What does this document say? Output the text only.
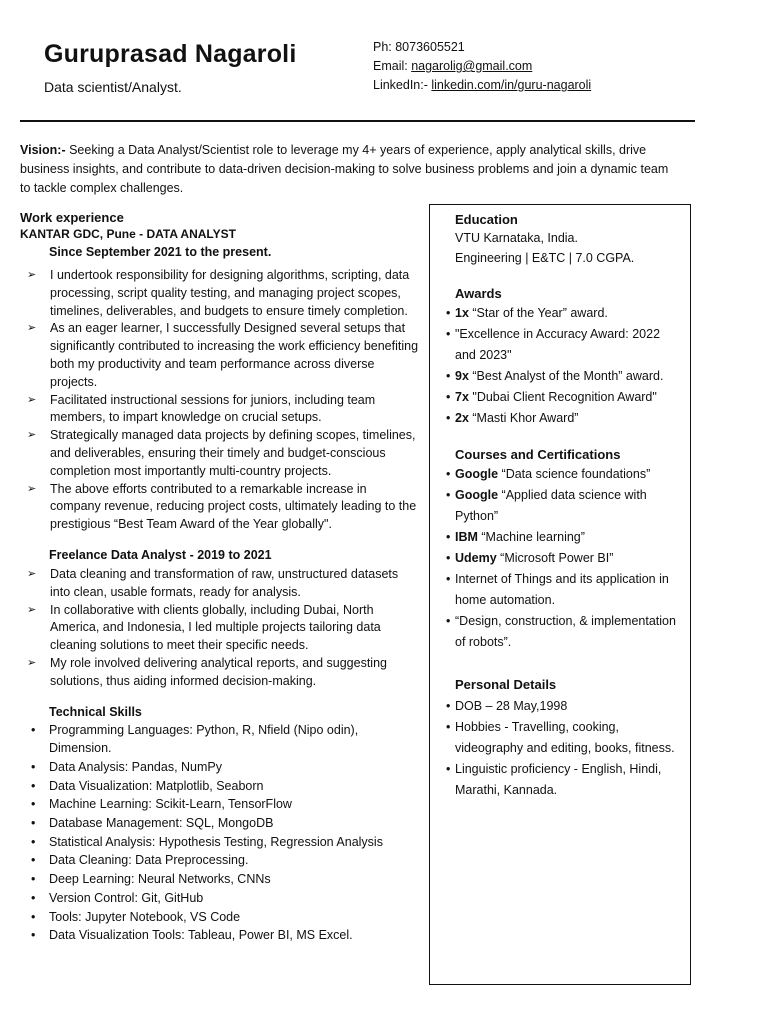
Guruprasad Nagaroli
Data scientist/Analyst.
Ph: 8073605521
Email: nagarolig@gmail.com
LinkedIn:- linkedin.com/in/guru-nagaroli
Vision:- Seeking a Data Analyst/Scientist role to leverage my 4+ years of experience, apply analytical skills, drive business insights, and contribute to data-driven decision-making to solve business problems and join a dynamic team to tackle complex challenges.
Work experience
KANTAR GDC, Pune - DATA ANALYST
Since September 2021 to the present.
➢ I undertook responsibility for designing algorithms, scripting, data processing, script quality testing, and managing project scopes, timelines, deliverables, and budgets to ensure timely completion.
➢ As an eager learner, I successfully Designed several setups that significantly contributed to increasing the work efficiency benefiting both my productivity and team performance across diverse projects.
➢ Facilitated instructional sessions for juniors, including team members, to impart knowledge on crucial setups.
➢ Strategically managed data projects by defining scopes, timelines, and deliverables, ensuring their timely and budget-conscious completion most importantly multi-country projects.
➢ The above efforts contributed to a remarkable increase in company revenue, reducing project costs, ultimately leading to the prestigious “Best Team Award of the Year globally".
Freelance Data Analyst - 2019 to 2021
➢ Data cleaning and transformation of raw, unstructured datasets into clean, usable formats, ready for analysis.
➢ In collaborative with clients globally, including Dubai, North America, and Indonesia, I led multiple projects tailoring data cleaning solutions to meet their specific needs.
➢ My role involved delivering analytical reports, and suggesting solutions, thus aiding informed decision-making.
Technical Skills
• Programming Languages: Python, R, Nfield (Nipo odin), Dimension.
• Data Analysis: Pandas, NumPy
• Data Visualization: Matplotlib, Seaborn
• Machine Learning: Scikit-Learn, TensorFlow
• Database Management: SQL, MongoDB
• Statistical Analysis: Hypothesis Testing, Regression Analysis
• Data Cleaning: Data Preprocessing.
• Deep Learning: Neural Networks, CNNs
• Version Control: Git, GitHub
• Tools: Jupyter Notebook, VS Code
• Data Visualization Tools: Tableau, Power BI, MS Excel.
Education
VTU Karnataka, India.
Engineering | E&TC | 7.0 CGPA.
Awards
• 1x “Star of the Year” award.
• "Excellence in Accuracy Award: 2022 and 2023"
• 9x “Best Analyst of the Month” award.
• 7x "Dubai Client Recognition Award"
• 2x “Masti Khor Award”
Courses and Certifications
• Google “Data science foundations”
• Google “Applied data science with Python”
• IBM “Machine learning”
• Udemy “Microsoft Power BI”
• Internet of Things and its application in home automation.
• “Design, construction, & implementation of robots”.
Personal Details
• DOB – 28 May,1998
• Hobbies - Travelling, cooking, videography and editing, books, fitness.
• Linguistic proficiency - English, Hindi, Marathi, Kannada.
